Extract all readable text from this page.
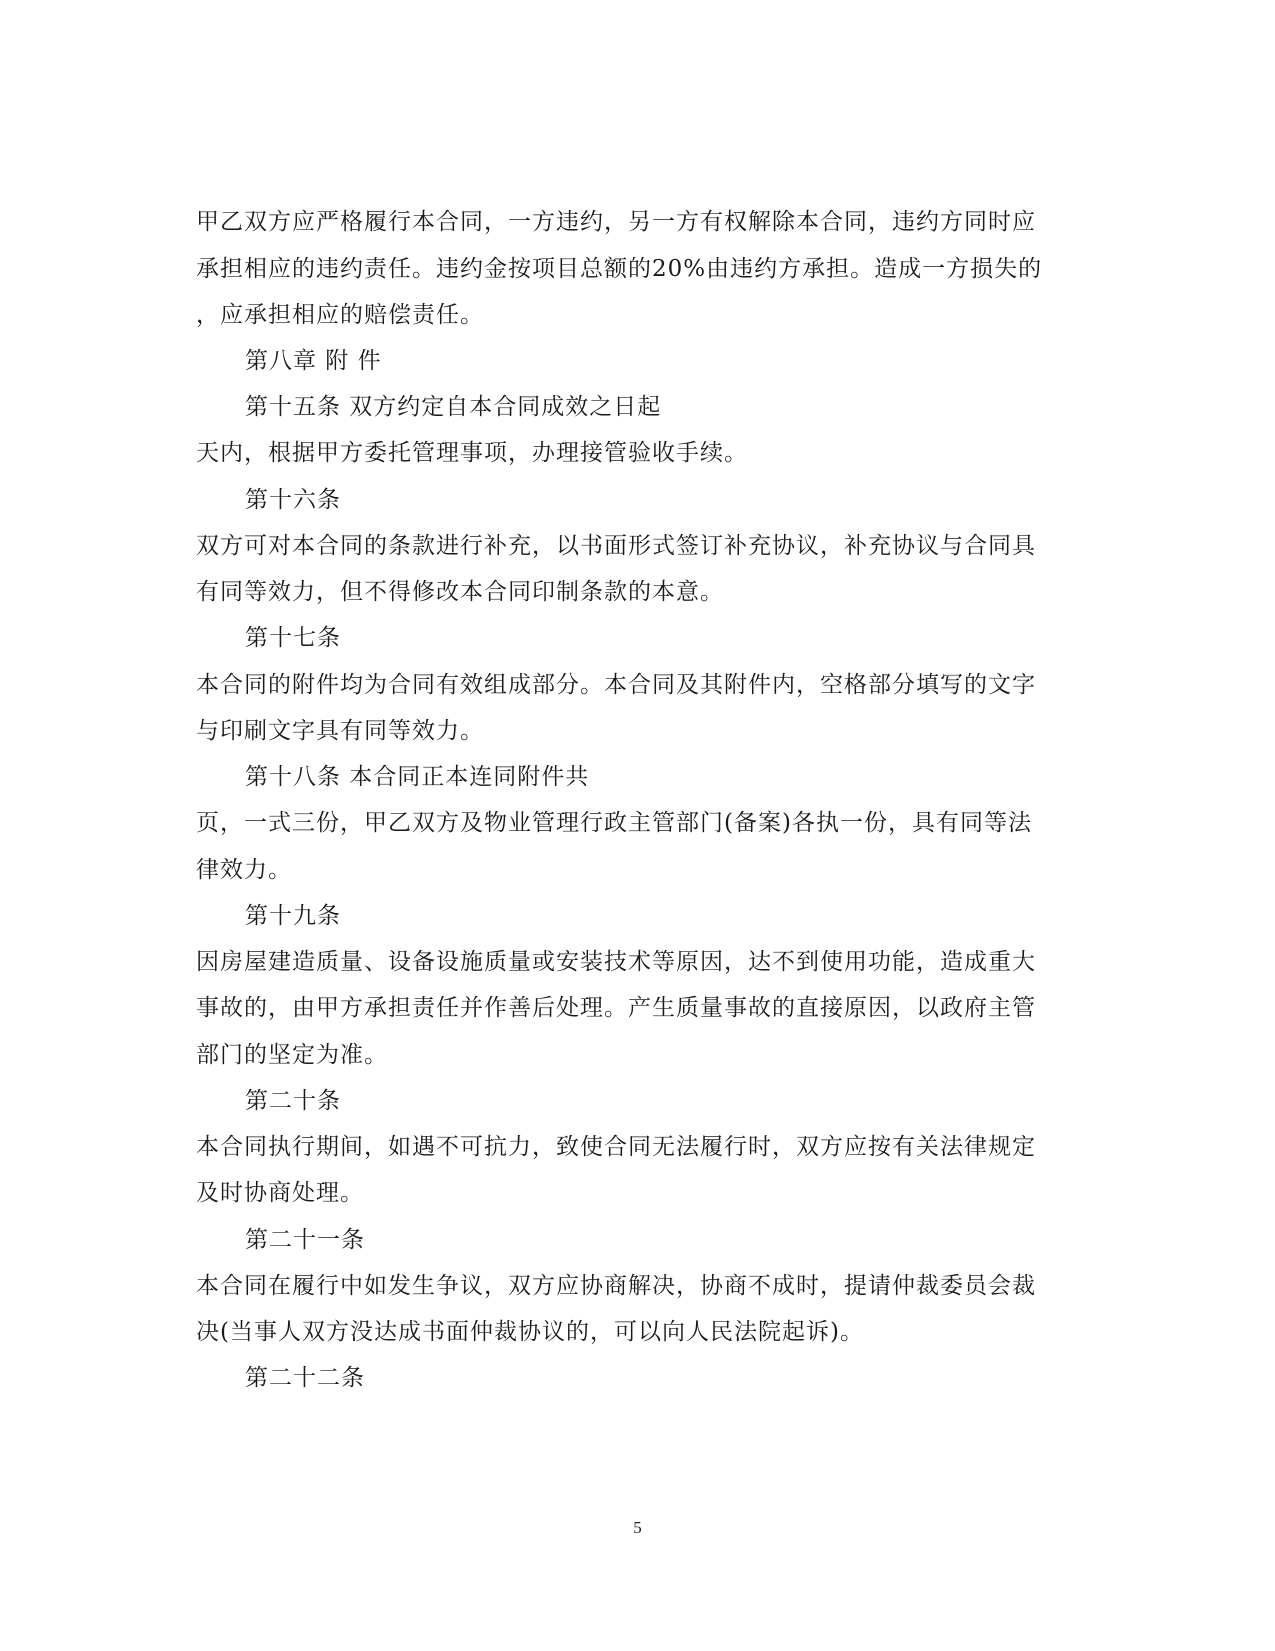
甲乙双方应严格履行本合同，一方违约，另一方有权解除本合同，违约方同时应
承担相应的违约责任。违约金按项目总额的20%由违约方承担。造成一方损失的
，应承担相应的赔偿责任。
第八章 附 件
第十五条 双方约定自本合同成效之日起
天内，根据甲方委托管理事项，办理接管验收手续。
第十六条
双方可对本合同的条款进行补充，以书面形式签订补充协议，补充协议与合同具
有同等效力，但不得修改本合同印制条款的本意。
第十七条
本合同的附件均为合同有效组成部分。本合同及其附件内，空格部分填写的文字
与印刷文字具有同等效力。
第十八条 本合同正本连同附件共
页，一式三份，甲乙双方及物业管理行政主管部门(备案)各执一份，具有同等法
律效力。
第十九条
因房屋建造质量、设备设施质量或安装技术等原因，达不到使用功能，造成重大
事故的，由甲方承担责任并作善后处理。产生质量事故的直接原因，以政府主管
部门的坚定为准。
第二十条
本合同执行期间，如遇不可抗力，致使合同无法履行时，双方应按有关法律规定
及时协商处理。
第二十一条
本合同在履行中如发生争议，双方应协商解决，协商不成时，提请仲裁委员会裁
决(当事人双方没达成书面仲裁协议的，可以向人民法院起诉)。
第二十二条
5
